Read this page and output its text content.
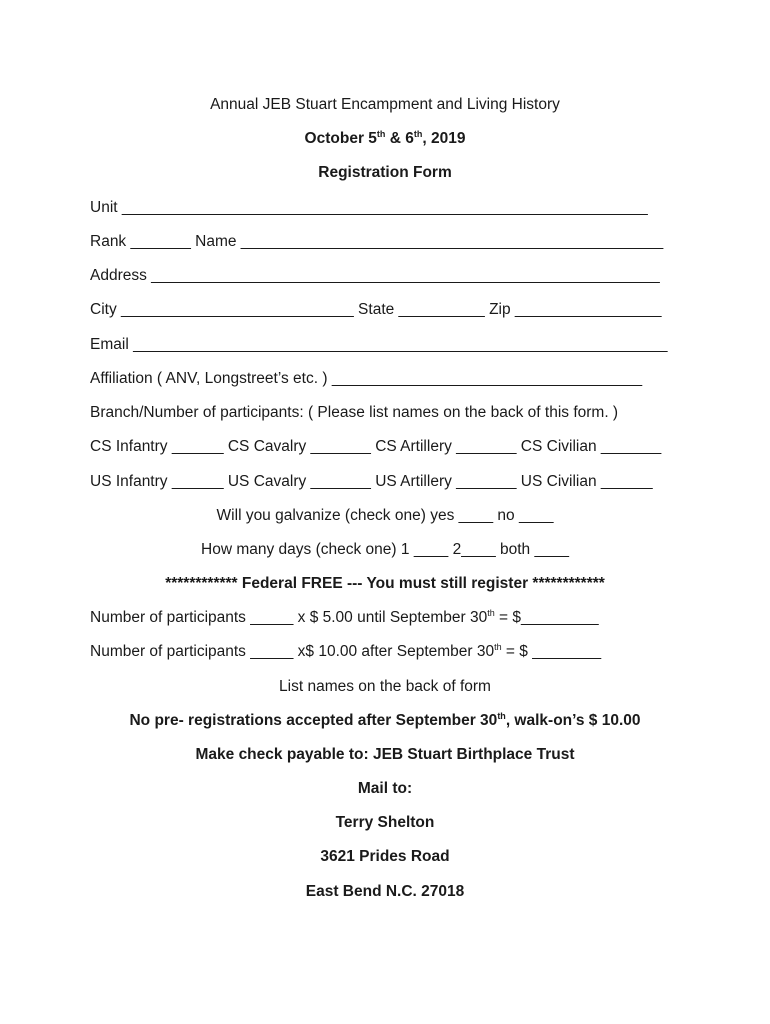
Annual JEB Stuart Encampment and Living History
October 5th & 6th, 2019
Registration Form
Unit _____________________________________________________________
Rank _______ Name _________________________________________________
Address ___________________________________________________________
City ___________________________ State __________ Zip _________________
Email ______________________________________________________________
Affiliation ( ANV, Longstreet’s etc. ) ____________________________________
Branch/Number of participants: ( Please list names on the back of this form. )
CS Infantry ______ CS Cavalry _______ CS Artillery _______ CS Civilian _______
US Infantry ______ US Cavalry _______ US Artillery _______ US Civilian ______
Will you galvanize (check one) yes ____ no ____
How many days (check one) 1 ____ 2____ both ____
************ Federal FREE --- You must still register ************
Number of participants _____ x $ 5.00 until September 30th = $_________
Number of participants _____ x$ 10.00 after September 30th = $ ________
List names on the back of form
No pre- registrations accepted after September 30th, walk-on’s $ 10.00
Make check payable to: JEB Stuart Birthplace Trust
Mail to:
Terry Shelton
3621 Prides Road
East Bend N.C. 27018
